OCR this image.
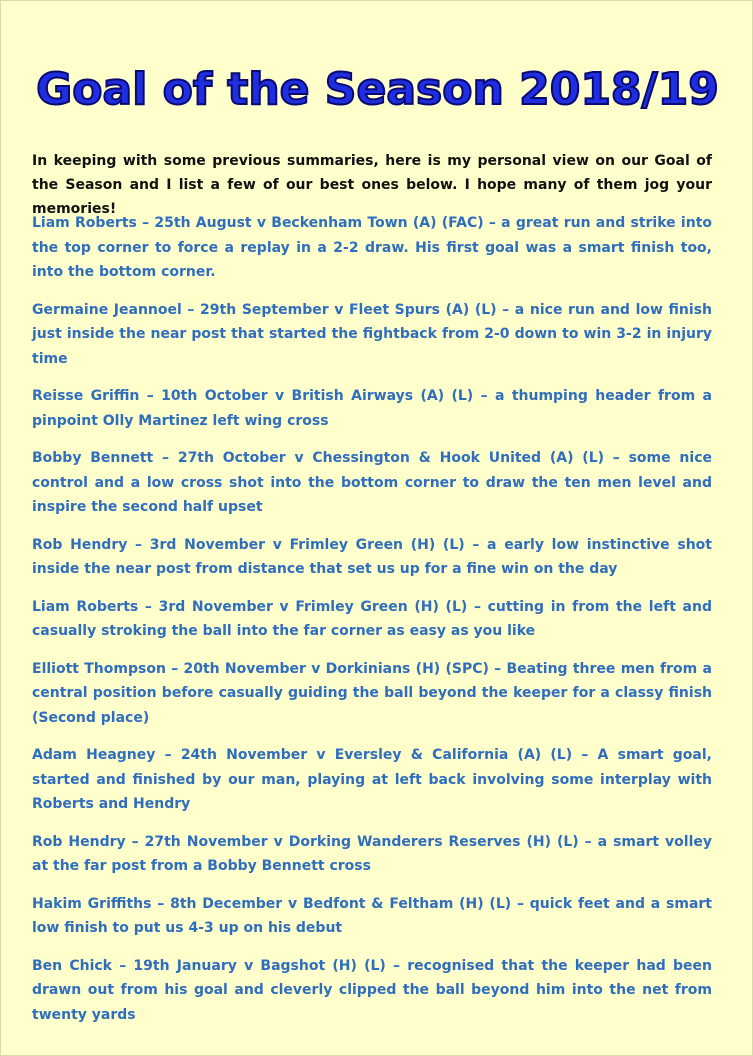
Goal of the Season 2018/19

In keeping with some previous summaries, here is my personal view on our Goal of the Season and I list a few of our best ones below. I hope many of them jog your memories!

Liam Roberts – 25th August v Beckenham Town (A) (FAC) – a great run and strike into the top corner to force a replay in a 2-2 draw. His first goal was a smart finish too, into the bottom corner.
Germaine Jeannoel – 29th September v Fleet Spurs (A) (L) – a nice run and low finish just inside the near post that started the fightback from 2-0 down to win 3-2 in injury time
Reisse Griffin – 10th October v British Airways (A) (L) – a thumping header from a pinpoint Olly Martinez left wing cross
Bobby Bennett – 27th October v Chessington & Hook United (A) (L) – some nice control and a low cross shot into the bottom corner to draw the ten men level and inspire the second half upset
Rob Hendry – 3rd November v Frimley Green (H) (L) – a early low instinctive shot inside the near post from distance that set us up for a fine win on the day
Liam Roberts – 3rd November v Frimley Green (H) (L) – cutting in from the left and casually stroking the ball into the far corner as easy as you like
Elliott Thompson – 20th November v Dorkinians (H) (SPC) – Beating three men from a central position before casually guiding the ball beyond the keeper for a classy finish (Second place)
Adam Heagney – 24th November v Eversley & California (A) (L) – A smart goal, started and finished by our man, playing at left back involving some interplay with Roberts and Hendry
Rob Hendry – 27th November v Dorking Wanderers Reserves (H) (L) – a smart volley at the far post from a Bobby Bennett cross
Hakim Griffiths – 8th December v Bedfont & Feltham (H) (L) – quick feet and a smart low finish to put us 4-3 up on his debut
Ben Chick – 19th January v Bagshot (H) (L) – recognised that the keeper had been drawn out from his goal and cleverly clipped the ball beyond him into the net from twenty yards
